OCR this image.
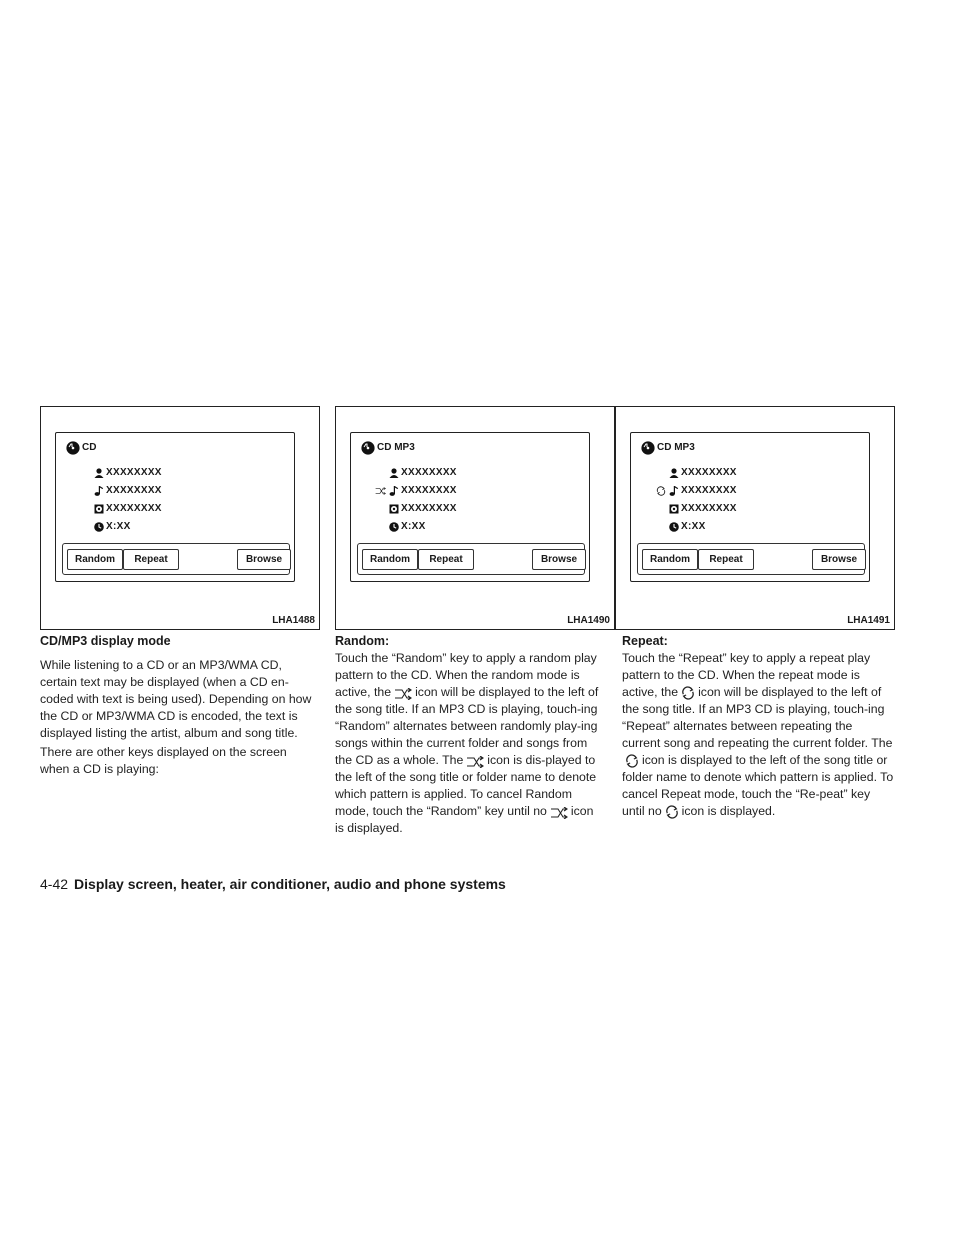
CD
XXXXXXXX
XXXXXXXX
XXXXXXXX
X:XX
Random	Repeat	Browse
LHA1488
CD MP3
XXXXXXXX
XXXXXXXX
XXXXXXXX
X:XX
Random	Repeat	Browse
LHA1490
CD MP3
XXXXXXXX
XXXXXXXX
XXXXXXXX
X:XX
Random	Repeat	Browse
LHA1491
CD/MP3 display mode

While listening to a CD or an MP3/WMA CD, certain text may be displayed (when a CD en-coded with text is being used). Depending on how the CD or MP3/WMA CD is encoded, the text is displayed listing the artist, album and song title.

There are other keys displayed on the screen when a CD is playing:

Random:

Touch the “Random” key to apply a random play pattern to the CD. When the random mode is active, the icon will be displayed to the left of the song title. If an MP3 CD is playing, touch-ing “Random” alternates between randomly play-ing songs within the current folder and songs from the CD as a whole. The icon is dis-played to the left of the song title or folder name to denote which pattern is applied. To cancel Random mode, touch the “Random” key until no icon is displayed.

Repeat:

Touch the “Repeat” key to apply a repeat play pattern to the CD. When the repeat mode is active, the icon will be displayed to the left of the song title. If an MP3 CD is playing, touch-ing “Repeat” alternates between repeating the current song and repeating the current folder. Theicon is displayed to the left of the song title or folder name to denote which pattern is applied. To cancel Repeat mode, touch the “Re-peat” key until no icon is displayed.

4-42 Display screen, heater, air conditioner, audio and phone systems
